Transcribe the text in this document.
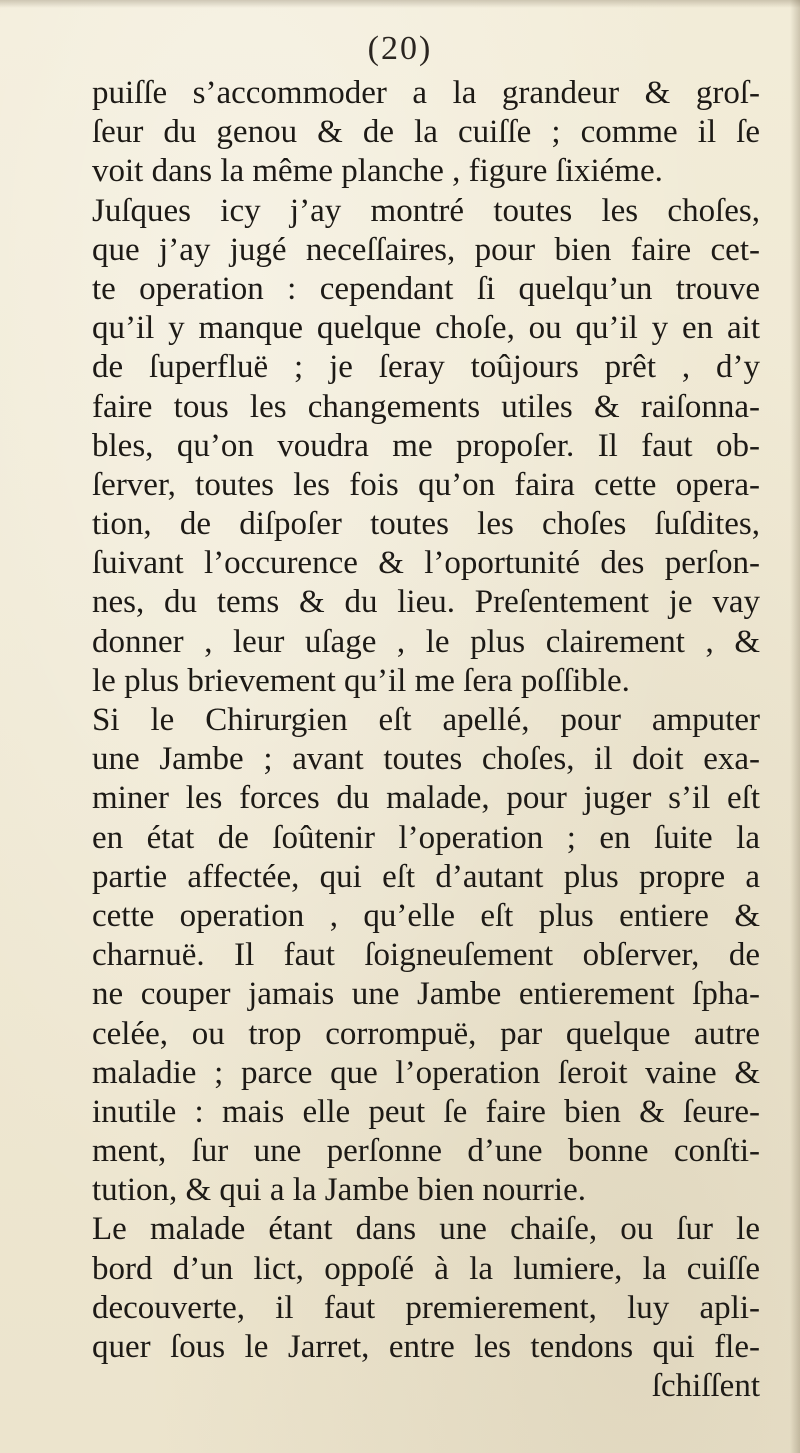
(20)
puiſſe s’accommoder a la grandeur & groſ-
ſeur du genou & de la cuiſſe ; comme il ſe
voit dans la même planche , figure ſixiéme.
Juſques icy j’ay montré toutes les choſes,
que j’ay jugé neceſſaires, pour bien faire cet-
te operation : cependant ſi quelqu’un trouve
qu’il y manque quelque choſe, ou qu’il y en ait
de ſuperfluë ; je ſeray toûjours prêt , d’y
faire tous les changements utiles & raiſonna-
bles, qu’on voudra me propoſer. Il faut ob-
ſerver, toutes les fois qu’on faira cette opera-
tion, de diſpoſer toutes les choſes ſuſdites,
ſuivant l’occurence & l’oportunité des perſon-
nes, du tems & du lieu. Preſentement je vay
donner , leur uſage , le plus clairement , &
le plus brievement qu’il me ſera poſſible.
Si le Chirurgien eſt apellé, pour amputer
une Jambe ; avant toutes choſes, il doit exa-
miner les forces du malade, pour juger s’il eſt
en état de ſoûtenir l’operation ; en ſuite la
partie affectée, qui eſt d’autant plus propre a
cette operation , qu’elle eſt plus entiere &
charnuë. Il faut ſoigneuſement obſerver, de
ne couper jamais une Jambe entierement ſpha-
celée, ou trop corrompuë, par quelque autre
maladie ; parce que l’operation ſeroit vaine &
inutile : mais elle peut ſe faire bien & ſeure-
ment, ſur une perſonne d’une bonne conſti-
tution, & qui a la Jambe bien nourrie.
Le malade étant dans une chaiſe, ou ſur le
bord d’un lict, oppoſé à la lumiere, la cuiſſe
decouverte, il faut premierement, luy apli-
quer ſous le Jarret, entre les tendons qui fle-
ſchiſſent
